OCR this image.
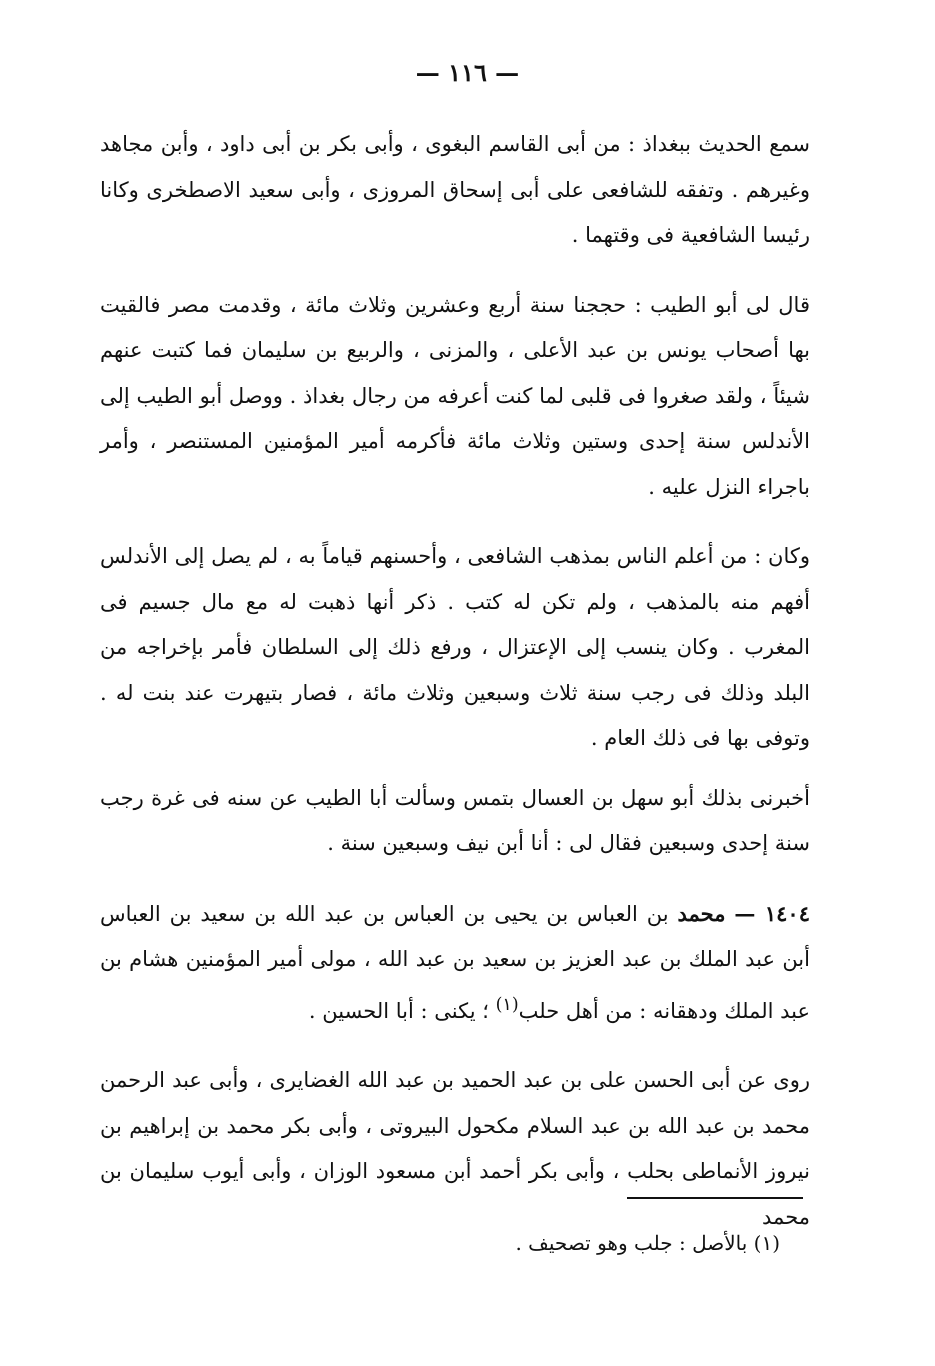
— ١١٦ —

سمع الحديث ببغداذ : من أبى القاسم البغوى ، وأبى بكر بن أبى داود ، وأبن مجاهد وغيرهم . وتفقه للشافعى على أبى إسحاق المروزى ، وأبى سعيد الاصطخرى وكانا رئيسا الشافعية فى وقتهما .

قال لى أبو الطيب : حججنا سنة أربع وعشرين وثلاث مائة ، وقدمت مصر فالقيت بها أصحاب يونس بن عبد الأعلى ، والمزنى ، والربيع بن سليمان فما كتبت عنهم شيئاً ، ولقد صغروا فى قلبى لما كنت أعرفه من رجال بغداذ . ووصل أبو الطيب إلى الأندلس سنة إحدى وستين وثلاث مائة فأكرمه أمير المؤمنين المستنصر ، وأمر باجراء النزل عليه .

وكان : من أعلم الناس بمذهب الشافعى ، وأحسنهم قياماً به ، لم يصل إلى الأندلس أفهم منه بالمذهب ، ولم تكن له كتب . ذكر أنها ذهبت له مع مال جسيم فى المغرب . وكان ينسب إلى الإعتزال ، ورفع ذلك إلى السلطان فأمر بإخراجه من البلد وذلك فى رجب سنة ثلاث وسبعين وثلاث مائة ، فصار بتيهرت عند بنت له . وتوفى بها فى ذلك العام .

أخبرنى بذلك أبو سهل بن العسال بتمس وسألت أبا الطيب عن سنه فى غرة رجب سنة إحدى وسبعين فقال لى : أنا أبن نيف وسبعين سنة .

١٤٠٤ — محمد بن العباس بن يحيى بن العباس بن عبد الله بن سعيد بن العباس أبن عبد الملك بن عبد العزيز بن سعيد بن عبد الله ، مولى أمير المؤمنين هشام بن عبد الملك ودهقانه : من أهل حلب$^{(١)}$ ؛ يكنى : أبا الحسين .

روى عن أبى الحسن على بن عبد الحميد بن عبد الله الغضايرى ، وأبى عبد الرحمن محمد بن عبد الله بن عبد السلام مكحول البيروتى ، وأبى بكر محمد بن إبراهيم بن نيروز الأنماطى بحلب ، وأبى بكر أحمد أبن مسعود الوزان ، وأبى أيوب سليمان بن محمد

(١) بالأصل : جلب وهو تصحيف .
